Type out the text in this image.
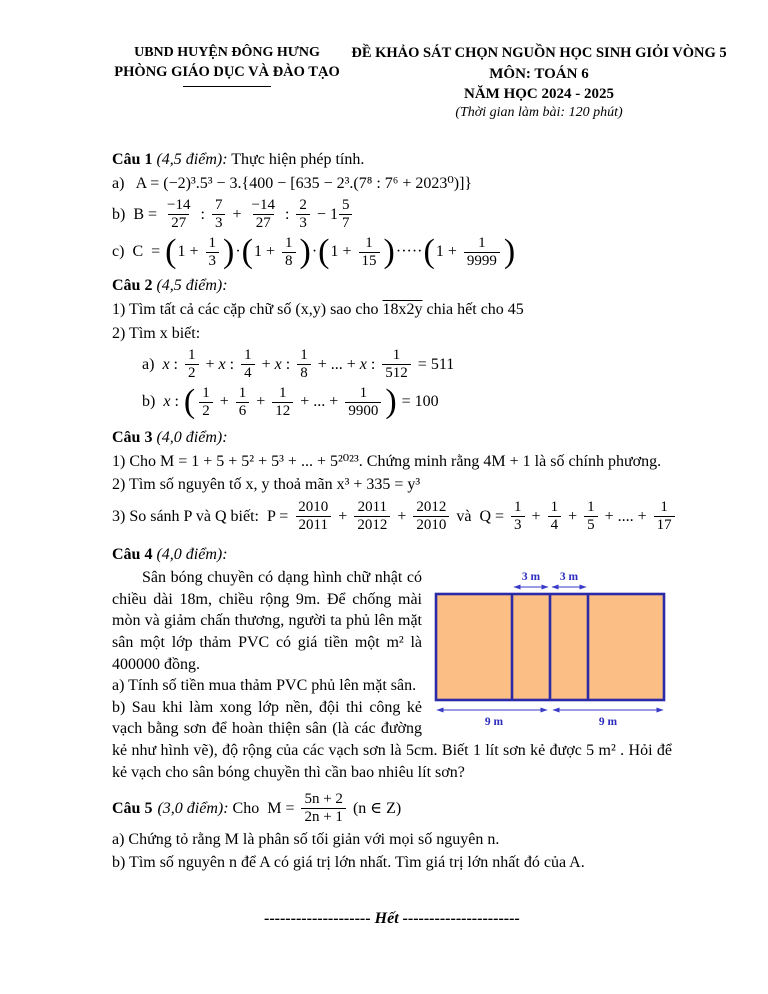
UBND HUYỆN ĐÔNG HƯNG
PHÒNG GIÁO DỤC VÀ ĐÀO TẠO
ĐỀ KHẢO SÁT CHỌN NGUỒN HỌC SINH GIỎI VÒNG 5
MÔN: TOÁN 6
NĂM HỌC 2024 - 2025
(Thời gian làm bài: 120 phút)
Câu 1 (4,5 điểm): Thực hiện phép tính.
a) A = (−2)³.5³ − 3.{400 − [635 − 2³.(7⁸ : 7⁶ + 2023⁰)]}
b) $B = \frac{-14}{27}$ : $\frac{7}{3} + \frac{-14}{27}$ : $\frac{2}{3} - 1 \frac{5}{7}$
c) C  = ( $1 + \frac{1}{3}$ ) · ( $1 + \frac{1}{8}$ ) · ( $1 + \frac{1}{15}$ ) ····· ( $1 + \frac{1}{9999}$ )
Câu 2 (4,5 điểm):
1) Tìm tất cả các cặp chữ số (x,y) sao cho 18x2y chia hết cho 45
2) Tìm x biết:
a) x : $\frac{1}{2} + x$ : $\frac{1}{4} + x$ : $\frac{1}{8}$ + ... + x : $\frac{1}{512} = 511$
b) x : ( $\frac{1}{2} + \frac{1}{6} + \frac{1}{12}$ + ... + $\frac{1}{9900}$ ) = 100
Câu 3 (4,0 điểm):
1) Cho M = 1 + 5 + 5² + 5³ + ... + 5²⁰²³. Chứng minh rằng 4M + 1 là số chính phương.
2) Tìm số nguyên tố x, y thoả mãn x³ + 335 = y³
3) So sánh P và Q biết:  $P = \frac{2010}{2011} + \frac{2011}{2012} + \frac{2012}{2010}$ và  $Q = \frac{1}{3} + \frac{1}{4} + \frac{1}{5}$ + .... + $\frac{1}{17}$
Câu 4 (4,0 điểm):
3 m 3 m
9 m	9 m

Sân bóng chuyền có dạng hình chữ nhật có chiều dài 18m, chiều rộng 9m. Để chống mài mòn và giảm chấn thương, người ta phủ lên mặt sân một lớp thảm PVC có giá tiền một m² là 400000 đồng.

a) Tính số tiền mua thảm PVC phủ lên mặt sân.

b) Sau khi làm xong lớp nền, đội thi công kẻ vạch bằng sơn để hoàn thiện sân (là các đường kẻ như hình vẽ), độ rộng của các vạch sơn là 5cm. Biết 1 lít sơn kẻ được 5 m² . Hỏi để kẻ vạch cho sân bóng chuyền thì cần bao nhiêu lít sơn?

Câu 5 (3,0 điểm): Cho  $M = \frac{5n + 2}{2n + 1} (n$ ∈ Z)
a) Chứng tỏ rằng M là phân số tối giản với mọi số nguyên n.
b) Tìm số nguyên n để A có giá trị lớn nhất. Tìm giá trị lớn nhất đó của A.
-------------------- Hết ----------------------
